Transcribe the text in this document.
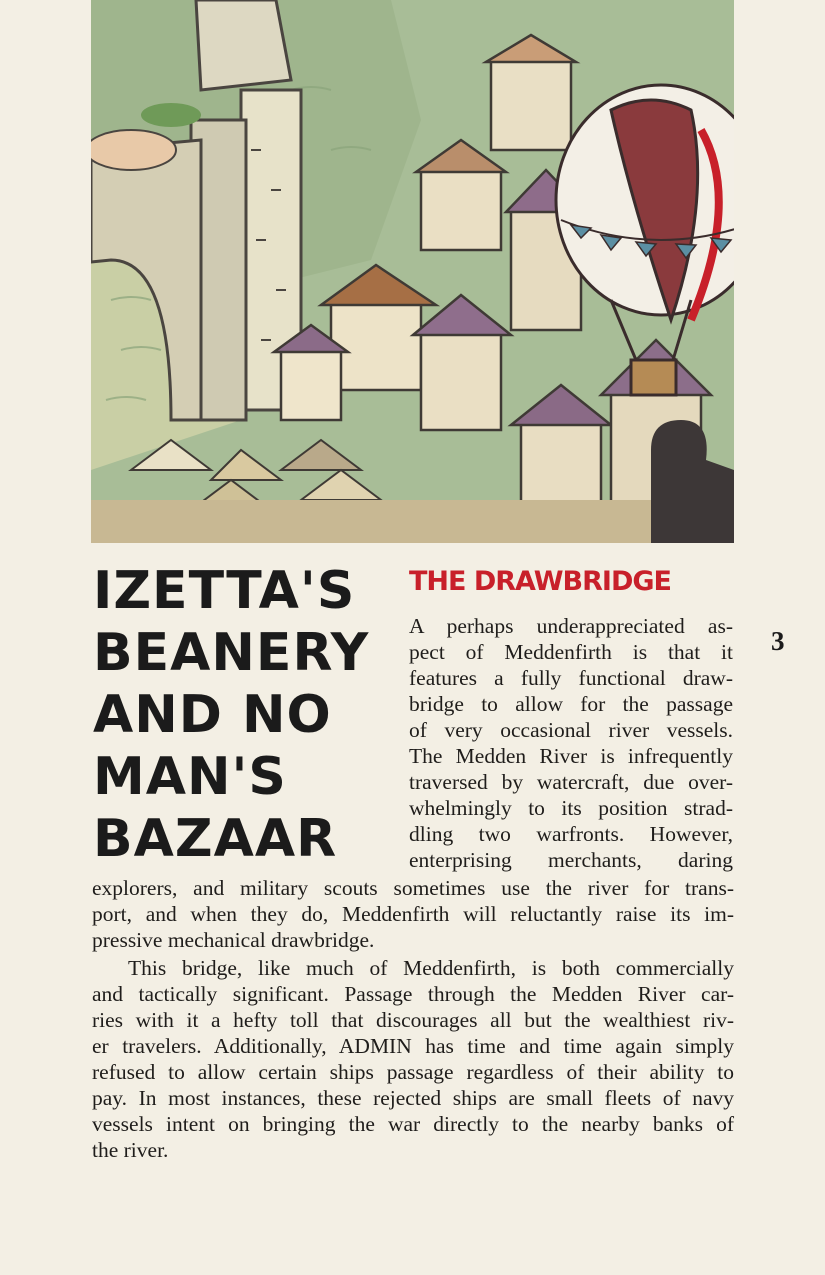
IZETTA'S
BEANERY
AND NO
MAN'S
BAZAAR
THE DRAWBRIDGE
3
A perhaps underappreciated as-
pect of Meddenfirth is that it
features a fully functional draw-
bridge to allow for the passage
of very occasional river vessels.
The Medden River is infrequently
traversed by watercraft, due over-
whelmingly to its position strad-
dling two warfronts. However,
enterprising merchants, daring
explorers, and military scouts sometimes use the river for trans-
port, and when they do, Meddenfirth will reluctantly raise its im-
pressive mechanical drawbridge.
This bridge, like much of Meddenfirth, is both commercially
and tactically significant. Passage through the Medden River car-
ries with it a hefty toll that discourages all but the wealthiest riv-
er travelers. Additionally, ADMIN has time and time again simply
refused to allow certain ships passage regardless of their ability to
pay. In most instances, these rejected ships are small fleets of navy
vessels intent on bringing the war directly to the nearby banks of
the river.
